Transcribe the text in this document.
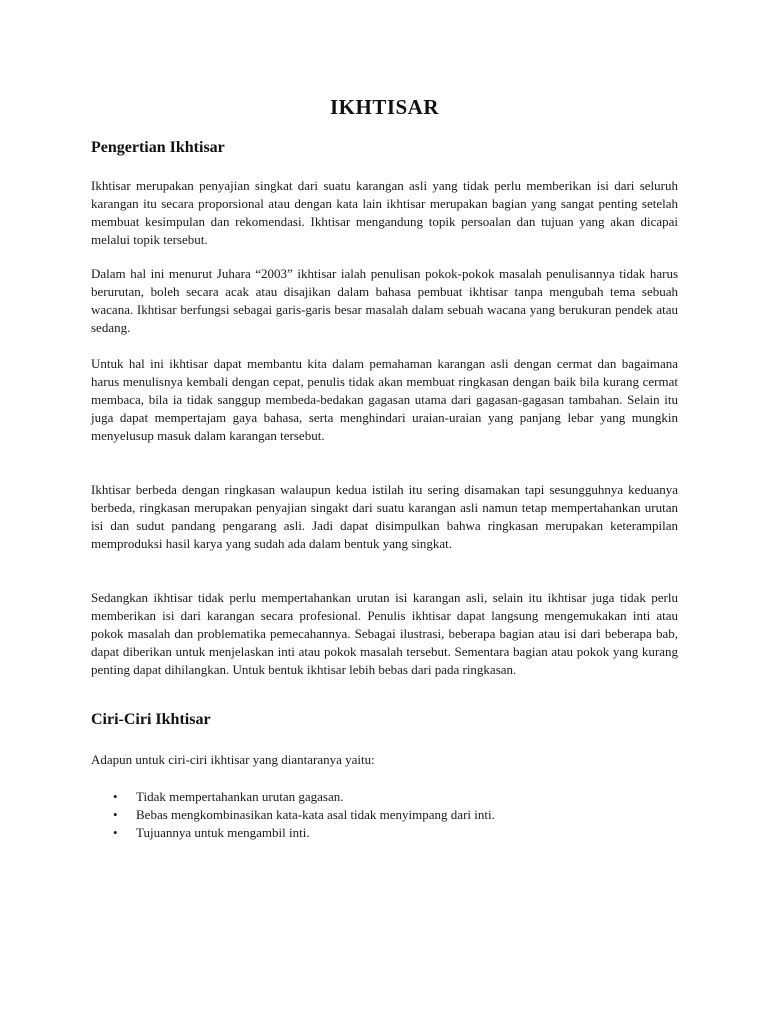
IKHTISAR
Pengertian Ikhtisar

Ikhtisar merupakan penyajian singkat dari suatu karangan asli yang tidak perlu memberikan isi dari seluruh karangan itu secara proporsional atau dengan kata lain ikhtisar merupakan bagian yang sangat penting setelah membuat kesimpulan dan rekomendasi. Ikhtisar mengandung topik persoalan dan tujuan yang akan dicapai melalui topik tersebut.

Dalam hal ini menurut Juhara “2003” ikhtisar ialah penulisan pokok-pokok masalah penulisannya tidak harus berurutan, boleh secara acak atau disajikan dalam bahasa pembuat ikhtisar tanpa mengubah tema sebuah wacana. Ikhtisar berfungsi sebagai garis-garis besar masalah dalam sebuah wacana yang berukuran pendek atau sedang.

Untuk hal ini ikhtisar dapat membantu kita dalam pemahaman karangan asli dengan cermat dan bagaimana harus menulisnya kembali dengan cepat, penulis tidak akan membuat ringkasan dengan baik bila kurang cermat membaca, bila ia tidak sanggup membeda-bedakan gagasan utama dari gagasan-gagasan tambahan. Selain itu juga dapat mempertajam gaya bahasa, serta menghindari uraian-uraian yang panjang lebar yang mungkin menyelusup masuk dalam karangan tersebut.

Ikhtisar berbeda dengan ringkasan walaupun kedua istilah itu sering disamakan tapi sesungguhnya keduanya berbeda, ringkasan merupakan penyajian singakt dari suatu karangan asli namun tetap mempertahankan urutan isi dan sudut pandang pengarang asli. Jadi dapat disimpulkan bahwa ringkasan merupakan keterampilan memproduksi hasil karya yang sudah ada dalam bentuk yang singkat.

Sedangkan ikhtisar tidak perlu mempertahankan urutan isi karangan asli, selain itu ikhtisar juga tidak perlu memberikan isi dari karangan secara profesional. Penulis ikhtisar dapat langsung mengemukakan inti atau pokok masalah dan problematika pemecahannya. Sebagai ilustrasi, beberapa bagian atau isi dari beberapa bab, dapat diberikan untuk menjelaskan inti atau pokok masalah tersebut. Sementara bagian atau pokok yang kurang penting dapat dihilangkan. Untuk bentuk ikhtisar lebih bebas dari pada ringkasan.

Ciri-Ciri Ikhtisar

Adapun untuk ciri-ciri ikhtisar yang diantaranya yaitu:

• Tidak mempertahankan urutan gagasan.
• Bebas mengkombinasikan kata-kata asal tidak menyimpang dari inti.
• Tujuannya untuk mengambil inti.
